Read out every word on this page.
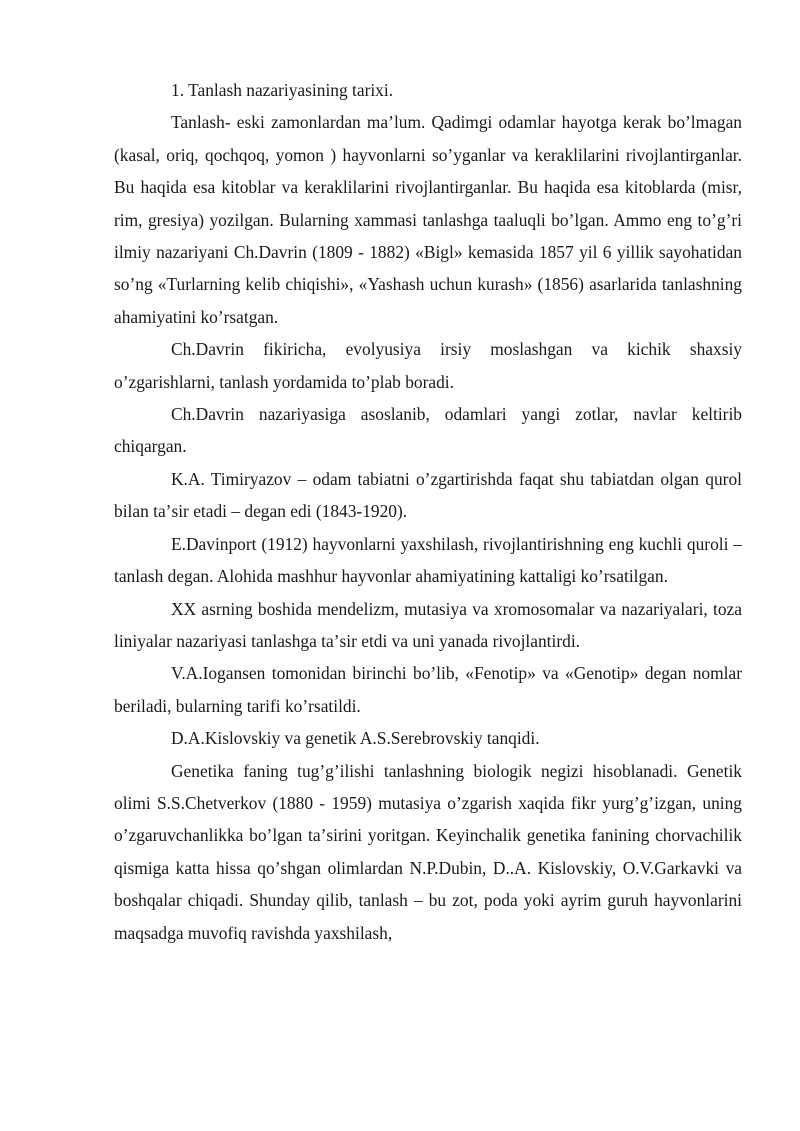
1. Tanlash nazariyasining tarixi.

Tanlash- eski zamonlardan maʼlum. Qadimgi odamlar hayotga kerak boʼlmagan (kasal, oriq, qochqoq, yomon ) hayvonlarni soʼyganlar va keraklilarini rivojlantirganlar. Bu haqida esa kitoblar va keraklilarini rivojlantirganlar. Bu haqida esa kitoblarda (misr, rim, gresiya) yozilgan. Bularning xammasi tanlashga taaluqli boʼlgan. Ammo eng toʼgʼri ilmiy nazariyani Ch.Davrin (1809 - 1882) «Bigl» kemasida 1857 yil 6 yillik sayohatidan soʼng «Turlarning kelib chiqishi», «Yashash uchun kurash» (1856) asarlarida tanlashning ahamiyatini koʼrsatgan.

Ch.Davrin fikiricha, evolyusiya irsiy moslashgan va kichik shaxsiy oʼzgarishlarni, tanlash yordamida toʼplab boradi.

Ch.Davrin nazariyasiga asoslanib, odamlari yangi zotlar, navlar keltirib chiqargan.

K.A. Timiryazov – odam tabiatni oʼzgartirishda faqat shu tabiatdan olgan qurol bilan taʼsir etadi – degan edi (1843-1920).

E.Davinport (1912) hayvonlarni yaxshilash, rivojlantirishning eng kuchli quroli – tanlash degan. Alohida mashhur hayvonlar ahamiyatining kattaligi koʼrsatilgan.

XX asrning boshida mendelizm, mutasiya va xromosomalar va nazariyalari, toza liniyalar nazariyasi tanlashga taʼsir etdi va uni yanada rivojlantirdi.

V.A.Iogansen tomonidan birinchi boʼlib, «Fenotip» va «Genotip» degan nomlar beriladi, bularning tarifi koʼrsatildi.

D.A.Kislovskiy va genetik A.S.Serebrovskiy tanqidi.

Genetika faning tugʼgʼilishi tanlashning biologik negizi hisoblanadi. Genetik olimi S.S.Chetverkov (1880 - 1959) mutasiya oʼzgarish xaqida fikr yurgʼgʼizgan, uning oʼzgaruvchanlikka boʼlgan taʼsirini yoritgan. Keyinchalik genetika fanining chorvachilik qismiga katta hissa qoʼshgan olimlardan N.P.Dubin, D..A. Kislovskiy, O.V.Garkavki va boshqalar chiqadi. Shunday qilib, tanlash – bu zot, poda yoki ayrim guruh hayvonlarini maqsadga muvofiq ravishda yaxshilash,
